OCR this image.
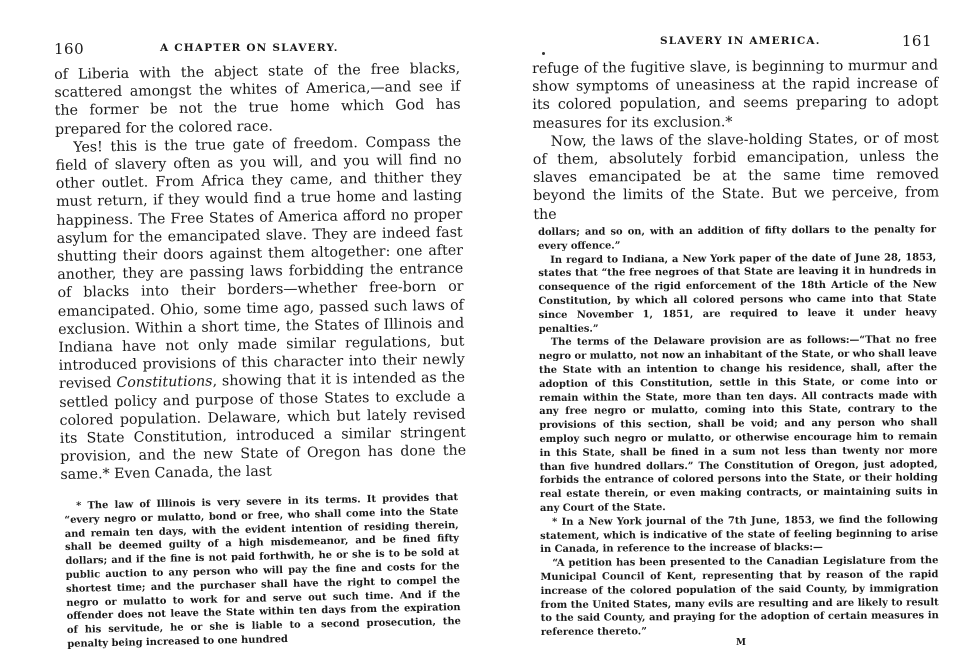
160	A CHAPTER ON SLAVERY.

of Liberia with the abject state of the free blacks, scattered amongst the whites of America,—and see if the former be not the true home which God has prepared for the colored race.

Yes! this is the true gate of freedom. Compass the field of slavery often as you will, and you will find no other outlet. From Africa they came, and thither they must return, if they would find a true home and lasting happiness. The Free States of America afford no proper asylum for the emancipated slave. They are indeed fast shutting their doors against them altogether: one after another, they are passing laws forbidding the entrance of blacks into their borders—whether free-born or emancipated. Ohio, some time ago, passed such laws of exclusion. Within a short time, the States of Illinois and Indiana have not only made similar regulations, but introduced provisions of this character into their newly revised Constitutions, showing that it is intended as the settled policy and purpose of those States to exclude a colored population. Delaware, which but lately revised its State Constitution, introduced a similar stringent provision, and the new State of Oregon has done the same.* Even Canada, the last

* The law of Illinois is very severe in its terms. It provides that “every negro or mulatto, bond or free, who shall come into the State and remain ten days, with the evident intention of residing therein, shall be deemed guilty of a high misdemeanor, and be fined fifty dollars; and if the fine is not paid forthwith, he or she is to be sold at public auction to any person who will pay the fine and costs for the shortest time; and the purchaser shall have the right to compel the negro or mulatto to work for and serve out such time. And if the offender does not leave the State within ten days from the expiration of his servitude, he or she is liable to a second prosecution, the penalty being increased to one hundred

SLAVERY IN AMERICA.	161

refuge of the fugitive slave, is beginning to murmur and show symptoms of uneasiness at the rapid increase of its colored population, and seems preparing to adopt measures for its exclusion.*

Now, the laws of the slave-holding States, or of most of them, absolutely forbid emancipation, unless the slaves emancipated be at the same time removed beyond the limits of the State. But we perceive, from the

dollars; and so on, with an addition of fifty dollars to the penalty for every offence.”

In regard to Indiana, a New York paper of the date of June 28, 1853, states that “the free negroes of that State are leaving it in hundreds in consequence of the rigid enforcement of the 18th Article of the New Constitution, by which all colored persons who came into that State since November 1, 1851, are required to leave it under heavy penalties.”

The terms of the Delaware provision are as follows:—“That no free negro or mulatto, not now an inhabitant of the State, or who shall leave the State with an intention to change his residence, shall, after the adoption of this Constitution, settle in this State, or come into or remain within the State, more than ten days. All contracts made with any free negro or mulatto, coming into this State, contrary to the provisions of this section, shall be void; and any person who shall employ such negro or mulatto, or otherwise encourage him to remain in this State, shall be fined in a sum not less than twenty nor more than five hundred dollars.” The Constitution of Oregon, just adopted, forbids the entrance of colored persons into the State, or their holding real estate therein, or even making contracts, or maintaining suits in any Court of the State.

* In a New York journal of the 7th June, 1853, we find the following statement, which is indicative of the state of feeling beginning to arise in Canada, in reference to the increase of blacks:—

“A petition has been presented to the Canadian Legislature from the Municipal Council of Kent, representing that by reason of the rapid increase of the colored population of the said County, by immigration from the United States, many evils are resulting and are likely to result to the said County, and praying for the adoption of certain measures in reference thereto.”

M
